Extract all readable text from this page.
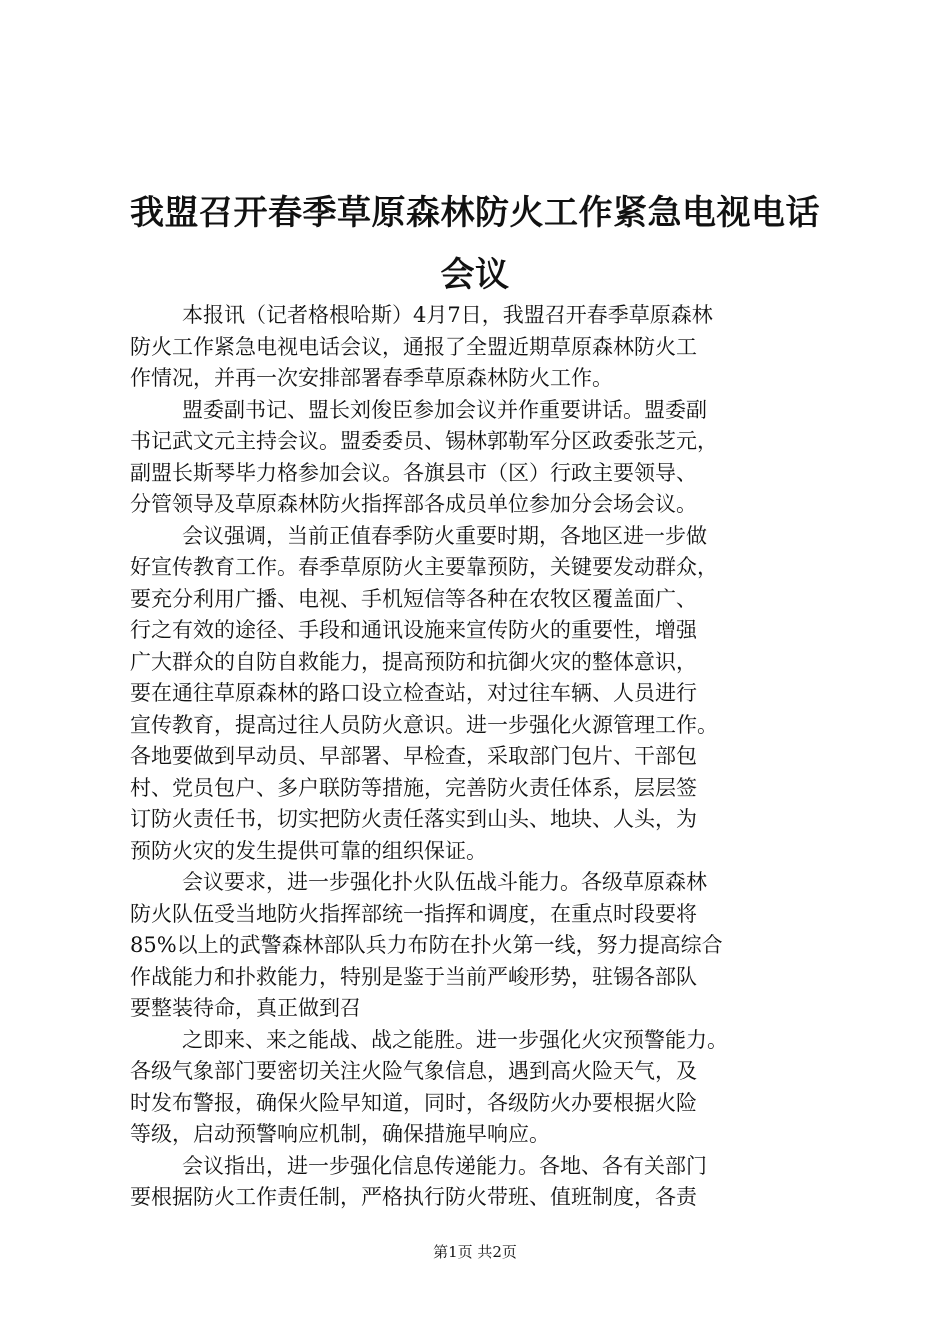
我盟召开春季草原森林防火工作紧急电视电话
会议
本报讯（记者格根哈斯）4月7日，我盟召开春季草原森林
防火工作紧急电视电话会议，通报了全盟近期草原森林防火工
作情况，并再一次安排部署春季草原森林防火工作。
盟委副书记、盟长刘俊臣参加会议并作重要讲话。盟委副
书记武文元主持会议。盟委委员、锡林郭勒军分区政委张芝元，
副盟长斯琴毕力格参加会议。各旗县市（区）行政主要领导、
分管领导及草原森林防火指挥部各成员单位参加分会场会议。
会议强调，当前正值春季防火重要时期，各地区进一步做
好宣传教育工作。春季草原防火主要靠预防，关键要发动群众，
要充分利用广播、电视、手机短信等各种在农牧区覆盖面广、
行之有效的途径、手段和通讯设施来宣传防火的重要性，增强
广大群众的自防自救能力，提高预防和抗御火灾的整体意识，
要在通往草原森林的路口设立检查站，对过往车辆、人员进行
宣传教育，提高过往人员防火意识。进一步强化火源管理工作。
各地要做到早动员、早部署、早检查，采取部门包片、干部包
村、党员包户、多户联防等措施，完善防火责任体系，层层签
订防火责任书，切实把防火责任落实到山头、地块、人头，为
预防火灾的发生提供可靠的组织保证。
会议要求，进一步强化扑火队伍战斗能力。各级草原森林
防火队伍受当地防火指挥部统一指挥和调度，在重点时段要将
85%以上的武警森林部队兵力布防在扑火第一线，努力提高综合
作战能力和扑救能力，特别是鉴于当前严峻形势，驻锡各部队
要整装待命，真正做到召
之即来、来之能战、战之能胜。进一步强化火灾预警能力。
各级气象部门要密切关注火险气象信息，遇到高火险天气，及
时发布警报，确保火险早知道，同时，各级防火办要根据火险
等级，启动预警响应机制，确保措施早响应。
会议指出，进一步强化信息传递能力。各地、各有关部门
要根据防火工作责任制，严格执行防火带班、值班制度，各责
第1页 共2页
